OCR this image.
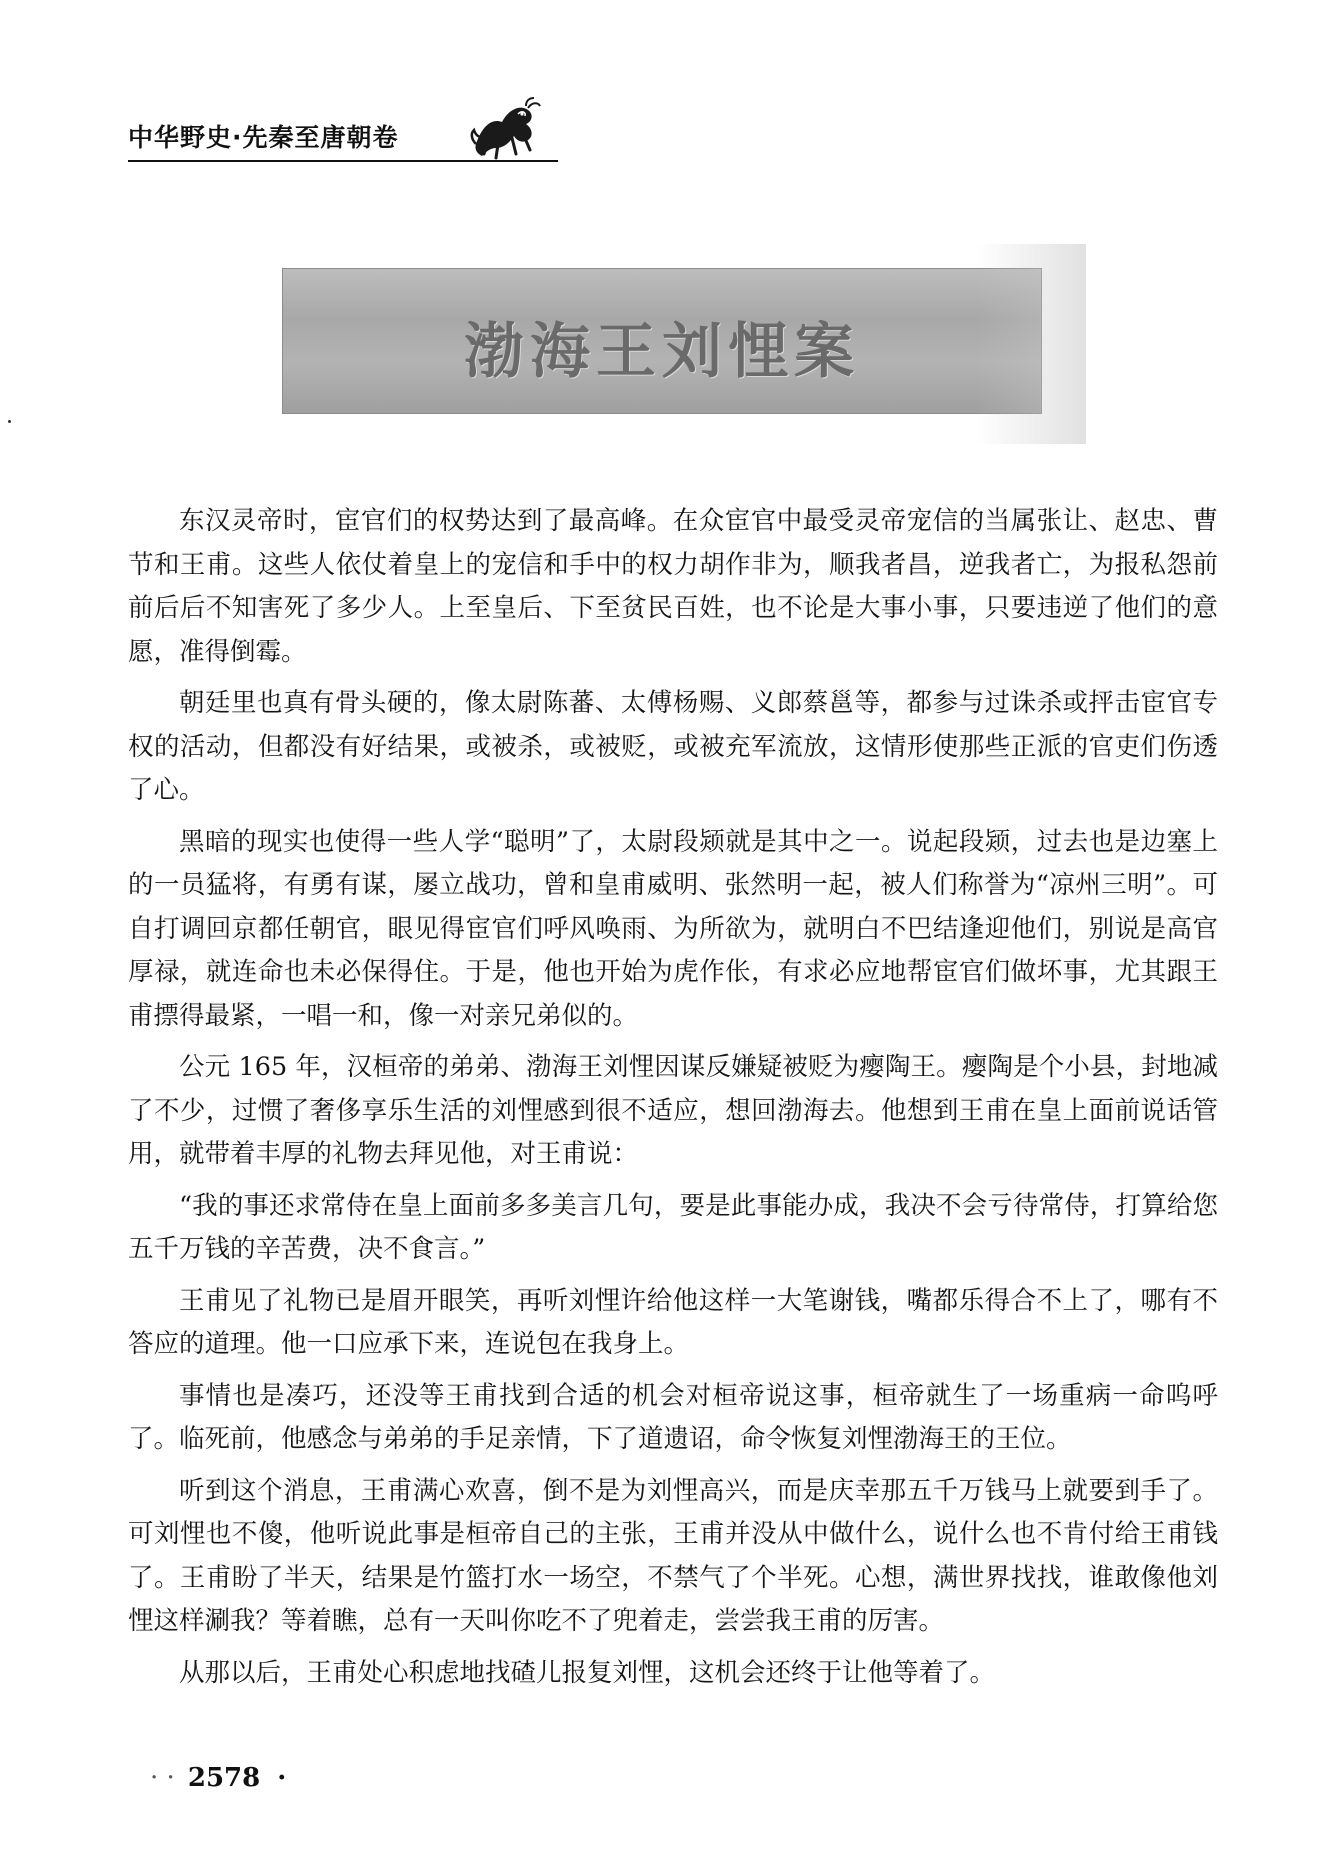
中华野史·先秦至唐朝卷
渤海王刘悝案

东汉灵帝时，宦官们的权势达到了最高峰。在众宦官中最受灵帝宠信的当属张让、赵忠、曹节和王甫。这些人依仗着皇上的宠信和手中的权力胡作非为，顺我者昌，逆我者亡，为报私怨前前后后不知害死了多少人。上至皇后、下至贫民百姓，也不论是大事小事，只要违逆了他们的意愿，准得倒霉。

朝廷里也真有骨头硬的，像太尉陈蕃、太傅杨赐、义郎蔡邕等，都参与过诛杀或抨击宦官专权的活动，但都没有好结果，或被杀，或被贬，或被充军流放，这情形使那些正派的官吏们伤透了心。

黑暗的现实也使得一些人学“聪明”了，太尉段颎就是其中之一。说起段颎，过去也是边塞上的一员猛将，有勇有谋，屡立战功，曾和皇甫威明、张然明一起，被人们称誉为“凉州三明”。可自打调回京都任朝官，眼见得宦官们呼风唤雨、为所欲为，就明白不巴结逢迎他们，别说是高官厚禄，就连命也未必保得住。于是，他也开始为虎作伥，有求必应地帮宦官们做坏事，尤其跟王甫摽得最紧，一唱一和，像一对亲兄弟似的。

公元 165 年，汉桓帝的弟弟、渤海王刘悝因谋反嫌疑被贬为瘿陶王。瘿陶是个小县，封地减了不少，过惯了奢侈享乐生活的刘悝感到很不适应，想回渤海去。他想到王甫在皇上面前说话管用，就带着丰厚的礼物去拜见他，对王甫说：

“我的事还求常侍在皇上面前多多美言几句，要是此事能办成，我决不会亏待常侍，打算给您五千万钱的辛苦费，决不食言。”

王甫见了礼物已是眉开眼笑，再听刘悝许给他这样一大笔谢钱，嘴都乐得合不上了，哪有不答应的道理。他一口应承下来，连说包在我身上。

事情也是凑巧，还没等王甫找到合适的机会对桓帝说这事，桓帝就生了一场重病一命呜呼了。临死前，他感念与弟弟的手足亲情，下了道遗诏，命令恢复刘悝渤海王的王位。

听到这个消息，王甫满心欢喜，倒不是为刘悝高兴，而是庆幸那五千万钱马上就要到手了。可刘悝也不傻，他听说此事是桓帝自己的主张，王甫并没从中做什么，说什么也不肯付给王甫钱了。王甫盼了半天，结果是竹篮打水一场空，不禁气了个半死。心想，满世界找找，谁敢像他刘悝这样涮我？等着瞧，总有一天叫你吃不了兜着走，尝尝我王甫的厉害。

从那以后，王甫处心积虑地找碴儿报复刘悝，这机会还终于让他等着了。

· · 2578 ·
